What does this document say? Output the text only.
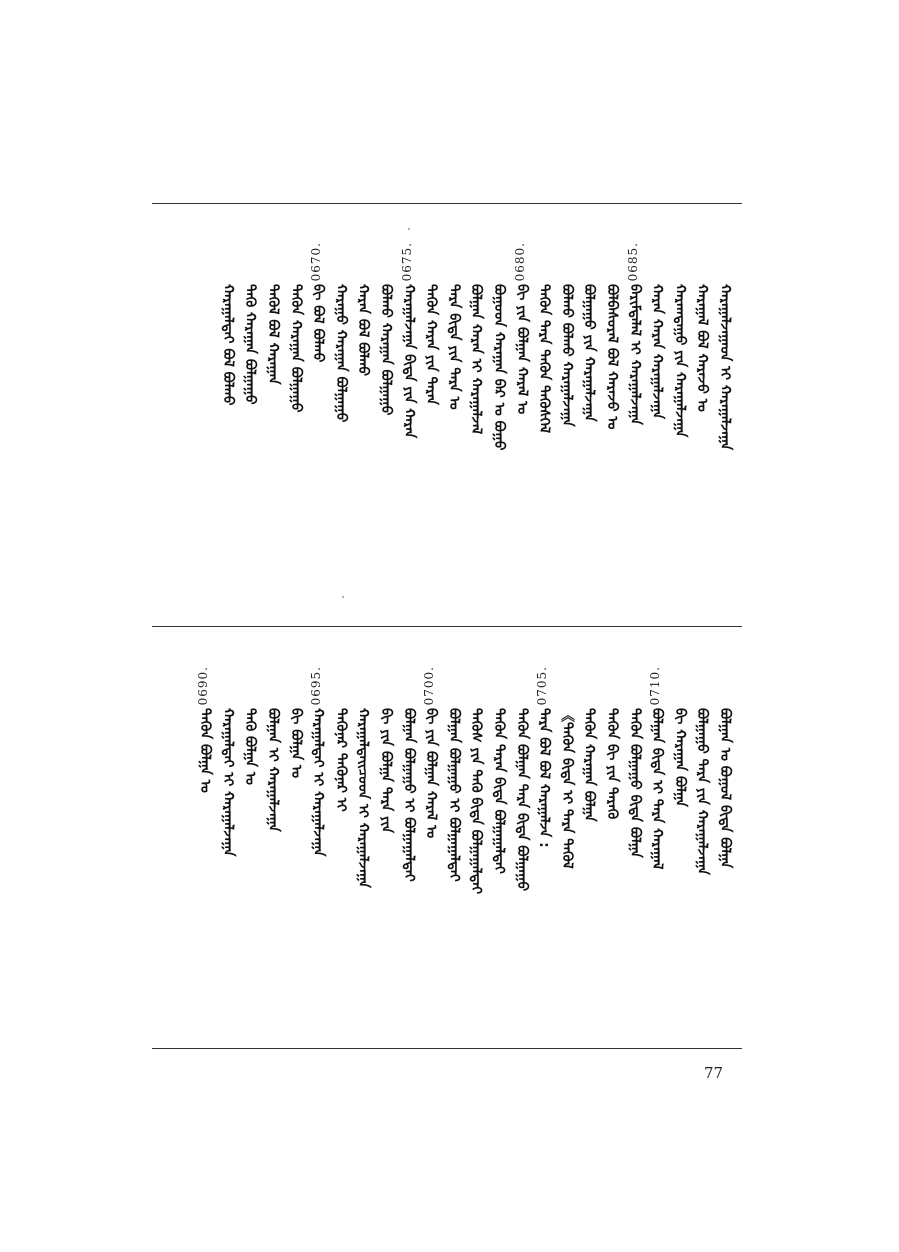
ᠬᠠᠷᠠᠭᠠᠯᠵᠠᠭᠠᠳ ᠢ ᠬᠠᠷᠠᠭᠠᠯᠵᠠᠭᠠ
ᠬᠠᠷᠠᠭᠠᠯ ᠪᠣᠯ ᠬᠠᠷᠠᠵᠤ ᠤ
ᠬᠠᠷᠠᠭᠳᠠᠭᠤ ᠶᠢᠨ ᠬᠠᠷᠠᠭᠠᠯᠵᠠᠭᠠ
ᠬᠠᠷᠠᠨ ᠬᠠᠷᠠᠨ ᠬᠠᠷᠠᠭᠠᠯᠵᠠᠭᠠ
0685.
ᠪᠠᠷᠢᠮᠲᠠᠯᠠᠯ ᠢ ᠬᠠᠷᠠᠭᠠᠯᠵᠠᠭᠠ
ᠪᠣᠯᠪᠠᠰᠤᠷᠠᠯ ᠪᠣᠯ ᠬᠠᠷᠠᠵᠤ ᠤ
ᠪᠣᠯᠭᠠᠭᠤ ᠶᠢᠨ ᠬᠠᠷᠠᠭᠠᠯᠵᠠᠭᠠ
ᠪᠣᠯᠬᠤ ᠪᠣᠯᠬᠤ ᠬᠠᠷᠠᠭᠠᠯᠵᠠᠭᠠ
ᠲᠡᠭᠦᠨ ᠲᠡᠷᠡ ᠲᠡᠭᠦᠨ ᠲᠡᠭᠦᠰᠬᠡᠯ
0680.
ᠪᠢ ᠶᠢᠨ ᠪᠣᠯᠭᠠᠨ ᠬᠠᠷᠠᠯ ᠤ
ᠪᠣᠭᠣᠳ ᠬᠠᠷᠠᠭᠠᠨ ᠪᠠᠷ ᠤ ᠪᠣᠭᠣ
ᠪᠣᠯᠭᠠᠨ ᠬᠠᠷᠠᠨ ᠢ ᠬᠠᠷᠠᠭᠠᠯᠵᠠᠯ
ᠲᠡᠷᠡ ᠪᠢᠳᠡ ᠶᠢᠨ ᠲᠡᠷᠡ ᠤ
ᠲᠡᠭᠦᠨ ᠬᠠᠷᠠᠨ ᠶᠢᠨ ᠲᠡᠷᠡᠨ
0675.
ᠬᠠᠷᠠᠭᠠᠯᠵᠠᠭᠠ ᠪᠢᠳᠡ ᠶᠢᠨ ᠬᠠᠷᠠᠨ
ᠪᠣᠯᠬᠤ ᠬᠠᠷᠠᠭᠠᠨ ᠪᠣᠯᠭᠠᠭᠤ
ᠬᠠᠷᠠᠨ ᠪᠣᠯ ᠪᠣᠯᠬᠤ
ᠬᠠᠷᠠᠭᠤ ᠬᠠᠷᠠᠭᠠᠨ ᠪᠣᠯᠭᠠᠭᠤ
0670.
ᠪᠢ ᠪᠣᠯ ᠪᠣᠯᠬᠤ
ᠲᠡᠭᠦᠨ ᠬᠠᠷᠠᠭᠠᠨ ᠪᠣᠯᠭᠠᠭᠤ
ᠲᠡᠭᠦᠯ ᠪᠣᠯ ᠬᠠᠷᠠᠭᠠᠨ
ᠲᠡᠭᠦ ᠬᠠᠷᠠᠭᠠᠨ ᠪᠣᠯᠭᠠᠭᠤ
ᠬᠠᠷᠠᠭᠠᠯᠲᠠᠢ ᠪᠣᠯ ᠪᠣᠯᠬᠤ
ᠪᠣᠯᠭᠠᠨ ᠤ ᠪᠣᠭᠣᠯ ᠪᠢᠳᠡ ᠪᠣᠯᠭᠠ
ᠪᠣᠯᠭᠠᠭᠤ ᠲᠡᠷᠡ ᠶᠢᠨ ᠬᠠᠷᠠᠭᠠᠯᠵᠠᠭᠠ
ᠪᠢ ᠬᠠᠷᠠᠭᠠᠨ ᠪᠣᠯᠭᠠ
0710.
ᠪᠣᠯᠭᠠᠨ ᠪᠢᠳᠡ ᠢ ᠲᠡᠷᠡ ᠬᠠᠷᠠᠭᠠᠯ
ᠲᠡᠭᠦᠨ ᠪᠣᠯᠭᠠᠭᠤ ᠪᠢᠳᠡ ᠪᠣᠯᠭᠠ
ᠲᠡᠭᠦᠨ ᠪᠢ ᠶᠢᠨ ᠲᠡᠷᠡᠭᠦ
ᠲᠡᠭᠦᠨ ᠬᠠᠷᠠᠭᠠᠨ ᠪᠣᠯᠭᠠ
《ᠲᠡᠭᠦᠨ ᠪᠢᠳᠡ ᠢ ᠲᠡᠷᠡ ᠲᠡᠭᠦᠯ
0705.
ᠲᠡᠷᠡ ᠪᠣᠯ ᠪᠣᠯ ᠬᠠᠷᠠᠭᠠᠯᠵᠠ :
ᠲᠡᠭᠦᠨ ᠪᠣᠯᠭᠠᠨ ᠲᠡᠷᠡ ᠪᠢᠳᠡ ᠪᠣᠯᠭᠠᠭᠤ
ᠲᠡᠭᠦᠨ ᠲᠡᠷᠡᠨ ᠪᠢᠳᠡ ᠪᠣᠯᠭᠠᠭᠠᠯᠲᠠᠢ
ᠲᠡᠭᠦᠰ ᠶᠢᠨ ᠲᠡᠭᠦ ᠪᠢᠳᠡ ᠪᠣᠯᠭᠠᠭᠠᠯᠲᠠᠢ
ᠪᠣᠯᠭᠠᠨ ᠪᠣᠯᠭᠠᠭᠤ ᠢ ᠪᠣᠯᠭᠠᠭᠠᠯᠲᠠᠢ
0700.
ᠪᠢ ᠶᠢᠨ ᠪᠣᠯᠭᠠᠨ ᠬᠠᠷᠠᠯ ᠤ
ᠪᠣᠯᠭᠠᠨ ᠪᠣᠯᠭᠠᠭᠤ ᠢ ᠪᠣᠯᠭᠠᠭᠠᠯᠲᠠᠢ
ᠪᠢ ᠶᠢᠨ ᠪᠣᠯᠭᠠ ᠲᠡᠷᠡ ᠶᠢᠨ
ᠬᠠᠷᠠᠭᠠᠯᠲᠠᠢᠴᠤᠳ ᠢ ᠬᠠᠷᠠᠭᠠᠯᠵᠠᠭᠠ
ᠲᠡᠭᠦᠨᠡᠷ ᠲᠡᠭᠦᠨᠡᠷ ᠢ
0695.
ᠬᠠᠷᠠᠭᠠᠯᠲᠠᠢ ᠢ ᠬᠠᠷᠠᠭᠠᠯᠵᠠᠭᠠ
ᠪᠢ ᠪᠣᠯᠭᠠ ᠤ
ᠪᠣᠯᠭᠠᠨ ᠢ ᠬᠠᠷᠠᠭᠠᠯᠵᠠᠭᠠ
ᠲᠡᠭᠦ ᠪᠣᠯᠭᠠ ᠤ
ᠬᠠᠷᠠᠭᠠᠯᠲᠠᠢ ᠢ ᠬᠠᠷᠠᠭᠠᠯᠵᠠᠭᠠ
0690.
ᠲᠡᠭᠦᠨ ᠪᠣᠯᠭᠠ ᠤ
77
